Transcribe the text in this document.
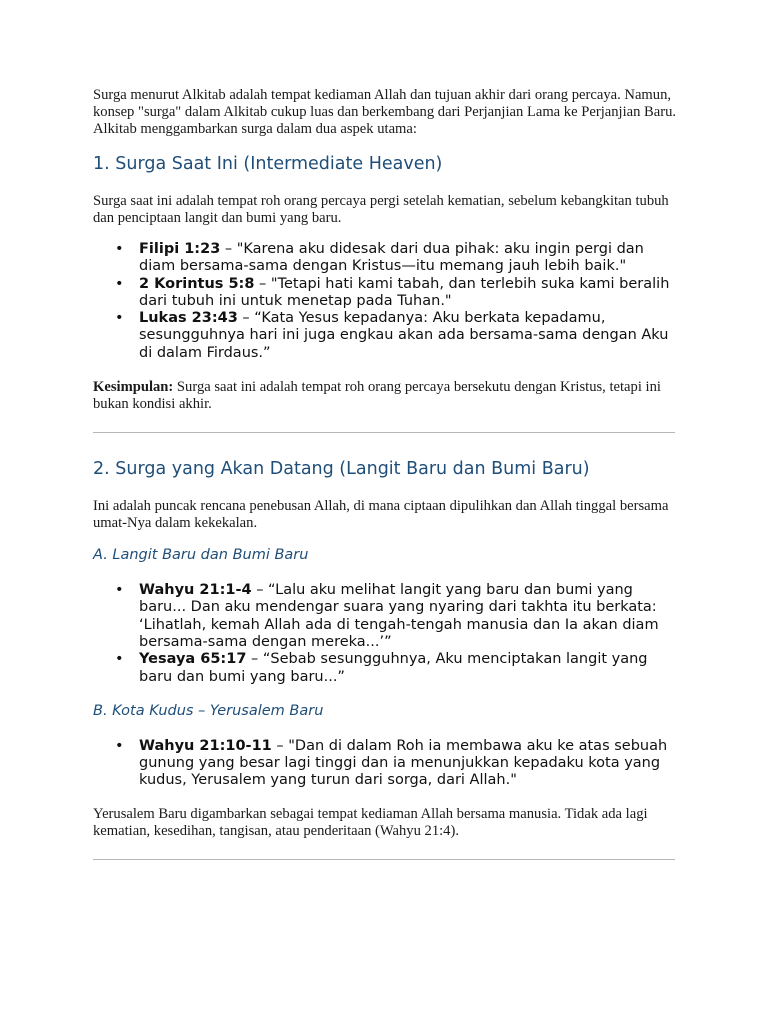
Surga menurut Alkitab adalah tempat kediaman Allah dan tujuan akhir dari orang percaya. Namun, konsep "surga" dalam Alkitab cukup luas dan berkembang dari Perjanjian Lama ke Perjanjian Baru. Alkitab menggambarkan surga dalam dua aspek utama:

1. Surga Saat Ini (Intermediate Heaven)

Surga saat ini adalah tempat roh orang percaya pergi setelah kematian, sebelum kebangkitan tubuh dan penciptaan langit dan bumi yang baru.

• Filipi 1:23 – "Karena aku didesak dari dua pihak: aku ingin pergi dan diam bersama-sama dengan Kristus—itu memang jauh lebih baik."
• 2 Korintus 5:8 – "Tetapi hati kami tabah, dan terlebih suka kami beralih dari tubuh ini untuk menetap pada Tuhan."
• Lukas 23:43 – “Kata Yesus kepadanya: Aku berkata kepadamu, sesungguhnya hari ini juga engkau akan ada bersama-sama dengan Aku di dalam Firdaus.”

Kesimpulan: Surga saat ini adalah tempat roh orang percaya bersekutu dengan Kristus, tetapi ini bukan kondisi akhir.

2. Surga yang Akan Datang (Langit Baru dan Bumi Baru)

Ini adalah puncak rencana penebusan Allah, di mana ciptaan dipulihkan dan Allah tinggal bersama umat-Nya dalam kekekalan.

A. Langit Baru dan Bumi Baru
• Wahyu 21:1-4 – “Lalu aku melihat langit yang baru dan bumi yang baru... Dan aku mendengar suara yang nyaring dari takhta itu berkata: ‘Lihatlah, kemah Allah ada di tengah-tengah manusia dan Ia akan diam bersama-sama dengan mereka...’”
• Yesaya 65:17 – “Sebab sesungguhnya, Aku menciptakan langit yang baru dan bumi yang baru...”
B. Kota Kudus – Yerusalem Baru
• Wahyu 21:10-11 – "Dan di dalam Roh ia membawa aku ke atas sebuah gunung yang besar lagi tinggi dan ia menunjukkan kepadaku kota yang kudus, Yerusalem yang turun dari sorga, dari Allah."

Yerusalem Baru digambarkan sebagai tempat kediaman Allah bersama manusia. Tidak ada lagi kematian, kesedihan, tangisan, atau penderitaan (Wahyu 21:4).
